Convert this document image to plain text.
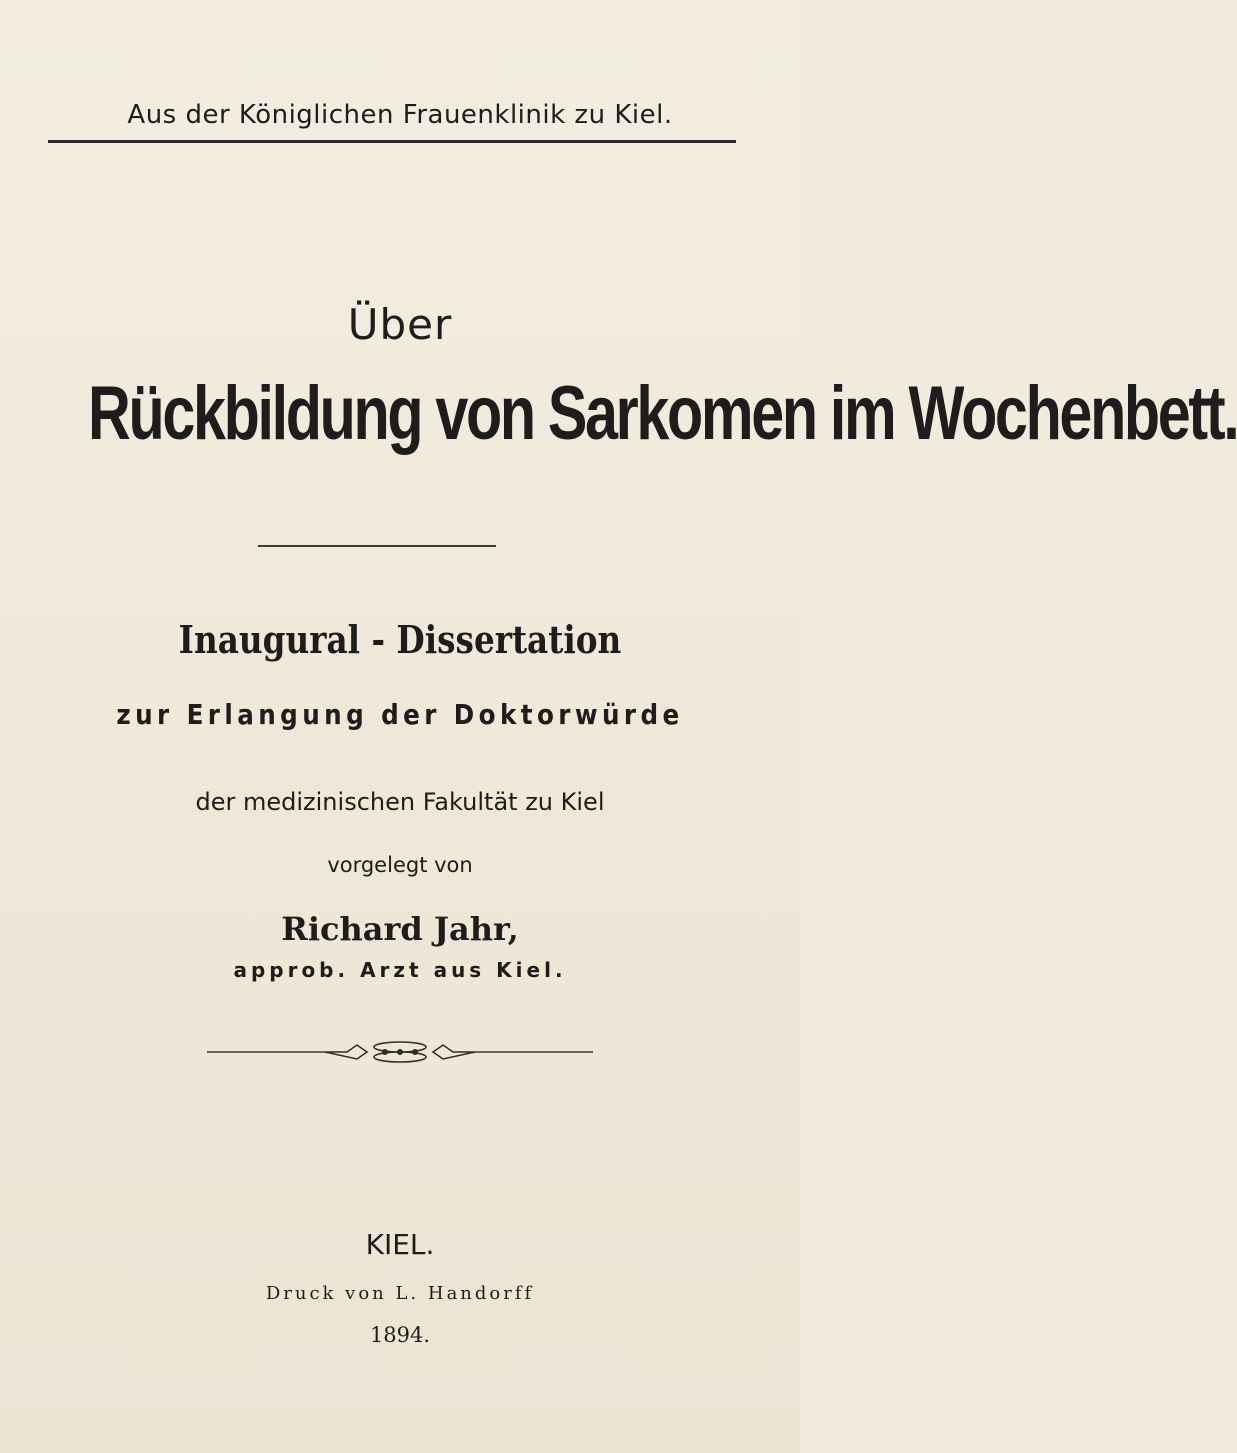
Aus der Königlichen Frauenklinik zu Kiel.
Über
Rückbildung von Sarkomen im Wochenbett.
Inaugural - Dissertation
zur Erlangung der Doktorwürde
der medizinischen Fakultät zu Kiel
vorgelegt von
Richard Jahr,
approb. Arzt aus Kiel.
KIEL.
Druck von L. Handorff
1894.
